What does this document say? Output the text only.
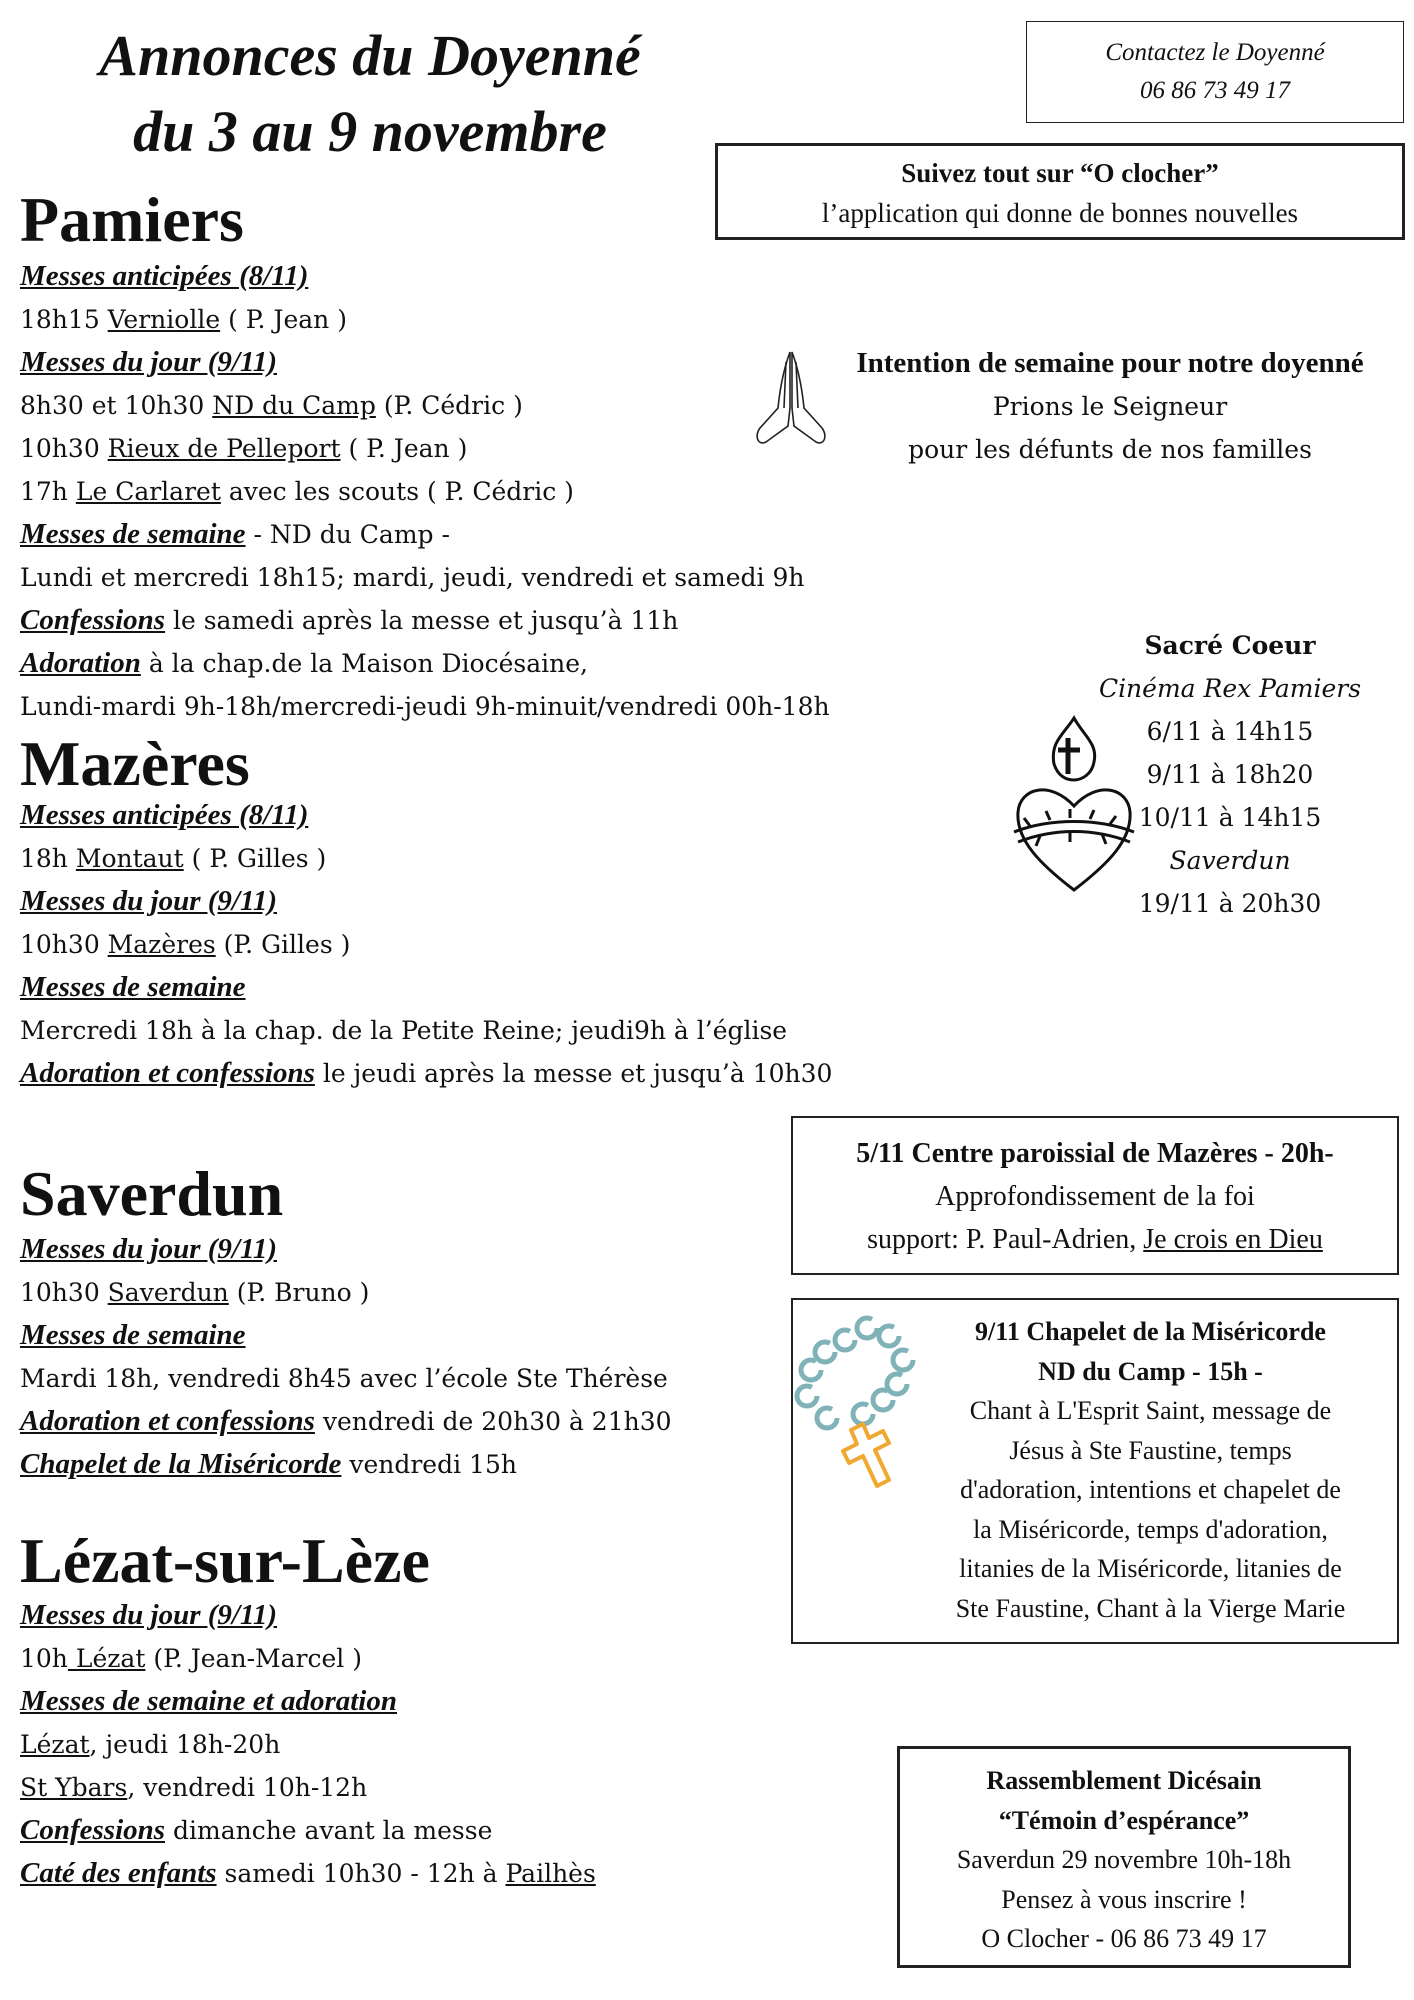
Annonces du Doyenné
du 3 au 9 novembre
Contactez le Doyenné
06 86 73 49 17
Suivez tout sur “O clocher”
l’application qui donne de bonnes nouvelles
Intention de semaine pour notre doyenné
Prions le Seigneur
pour les défunts de nos familles
Sacré Coeur
Cinéma Rex Pamiers
6/11 à 14h15
9/11 à 18h20
10/11 à 14h15
Saverdun
19/11 à 20h30
Pamiers
Messes anticipées (8/11)
18h15 Verniolle ( P. Jean )
Messes du jour (9/11)
8h30 et 10h30 ND du Camp (P. Cédric )
10h30 Rieux de Pelleport ( P. Jean )
17h Le Carlaret avec les scouts ( P. Cédric )
Messes de semaine - ND du Camp -
Lundi et mercredi 18h15; mardi, jeudi, vendredi et samedi 9h
Confessions le samedi après la messe et jusqu’à 11h
Adoration à la chap.de la Maison Diocésaine,
Lundi-mardi 9h-18h/mercredi-jeudi 9h-minuit/vendredi 00h-18h
Mazères
Messes anticipées (8/11)
18h Montaut ( P. Gilles )
Messes du jour (9/11)
10h30 Mazères (P. Gilles )
Messes de semaine
Mercredi 18h à la chap. de la Petite Reine; jeudi9h à l’église
Adoration et confessions le jeudi après la messe et jusqu’à 10h30
Saverdun
Messes du jour (9/11)
10h30 Saverdun (P. Bruno )
Messes de semaine
Mardi 18h, vendredi 8h45 avec l’école Ste Thérèse
Adoration et confessions vendredi de 20h30 à 21h30
Chapelet de la Miséricorde vendredi 15h
Lézat-sur-Lèze
Messes du jour (9/11)
10h Lézat (P. Jean-Marcel )
Messes de semaine et adoration
Lézat, jeudi 18h-20h
St Ybars, vendredi 10h-12h
Confessions dimanche avant la messe
Caté des enfants samedi 10h30 - 12h à Pailhès
5/11 Centre paroissial de Mazères - 20h-
Approfondissement de la foi
support: P. Paul-Adrien, Je crois en Dieu
9/11 Chapelet de la Miséricorde
ND du Camp - 15h -
Chant à L'Esprit Saint, message de
Jésus à Ste Faustine, temps
d'adoration, intentions et chapelet de
la Miséricorde, temps d'adoration,
litanies de la Miséricorde, litanies de
Ste Faustine, Chant à la Vierge Marie
Rassemblement Dicésain
“Témoin d’espérance”
Saverdun 29 novembre 10h-18h
Pensez à vous inscrire !
O Clocher - 06 86 73 49 17
